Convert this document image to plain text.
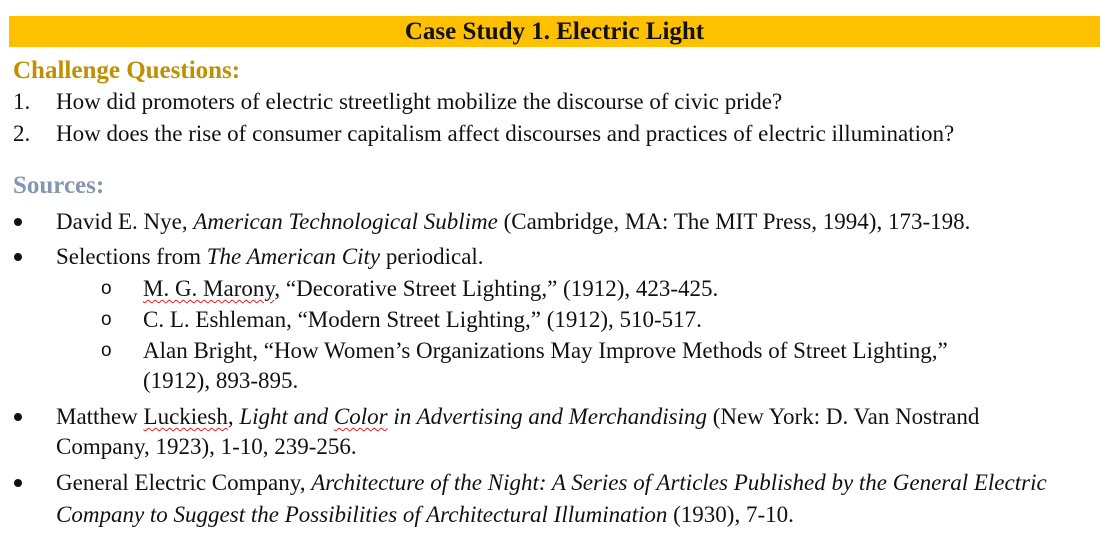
Case Study 1. Electric Light
Challenge Questions:
1. How did promoters of electric streetlight mobilize the discourse of civic pride?
2. How does the rise of consumer capitalism affect discourses and practices of electric illumination?
Sources:
David E. Nye, American Technological Sublime (Cambridge, MA: The MIT Press, 1994), 173-198.
Selections from The American City periodical.
o M. G. Marony, “Decorative Street Lighting,” (1912), 423-425.
o C. L. Eshleman, “Modern Street Lighting,” (1912), 510-517.
o Alan Bright, “How Women’s Organizations May Improve Methods of Street Lighting,”
(1912), 893-895.
Matthew Luckiesh, Light and Color in Advertising and Merchandising (New York: D. Van Nostrand
Company, 1923), 1-10, 239-256.
General Electric Company, Architecture of the Night: A Series of Articles Published by the General Electric
Company to Suggest the Possibilities of Architectural Illumination (1930), 7-10.
